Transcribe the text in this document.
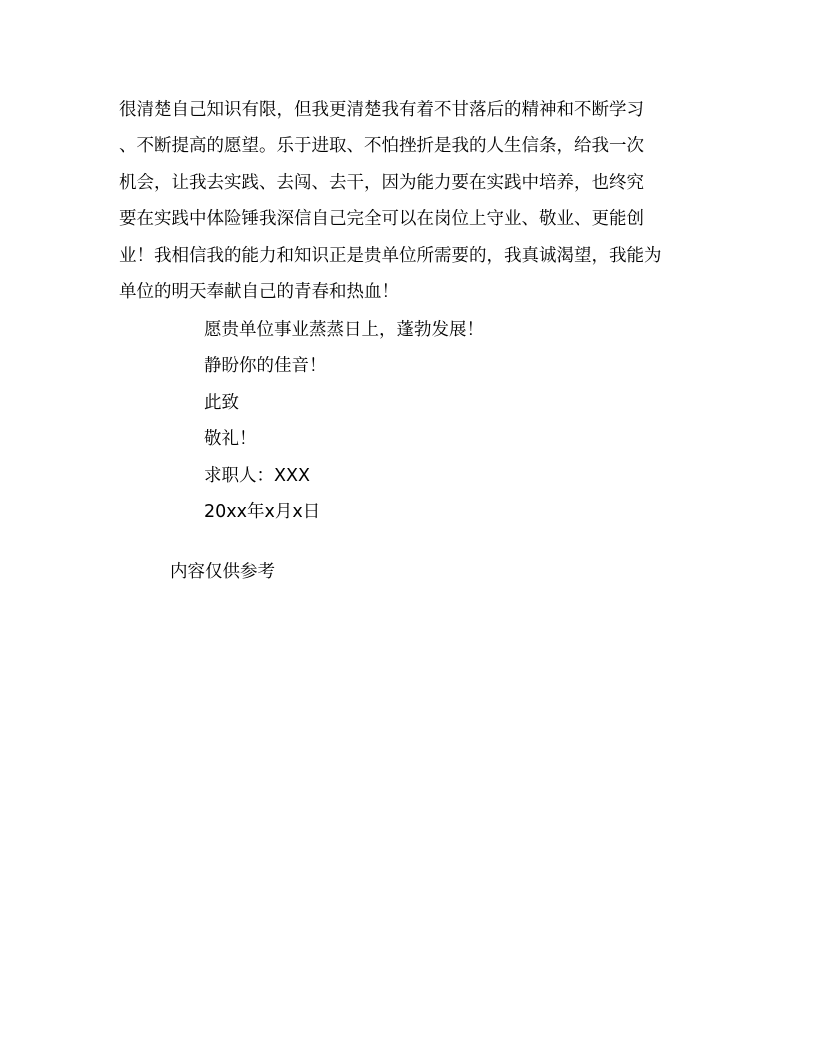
很清楚自己知识有限，但我更清楚我有着不甘落后的精神和不断学习
、不断提高的愿望。乐于进取、不怕挫折是我的人生信条，给我一次
机会，让我去实践、去闯、去干，因为能力要在实践中培养，也终究
要在实践中体险锤我深信自己完全可以在岗位上守业、敬业、更能创
业！我相信我的能力和知识正是贵单位所需要的，我真诚渴望，我能为
单位的明天奉献自己的青春和热血！
愿贵单位事业蒸蒸日上，蓬勃发展！
静盼你的佳音！
此致
敬礼！
求职人：XXX
20xx年x月x日
内容仅供参考
